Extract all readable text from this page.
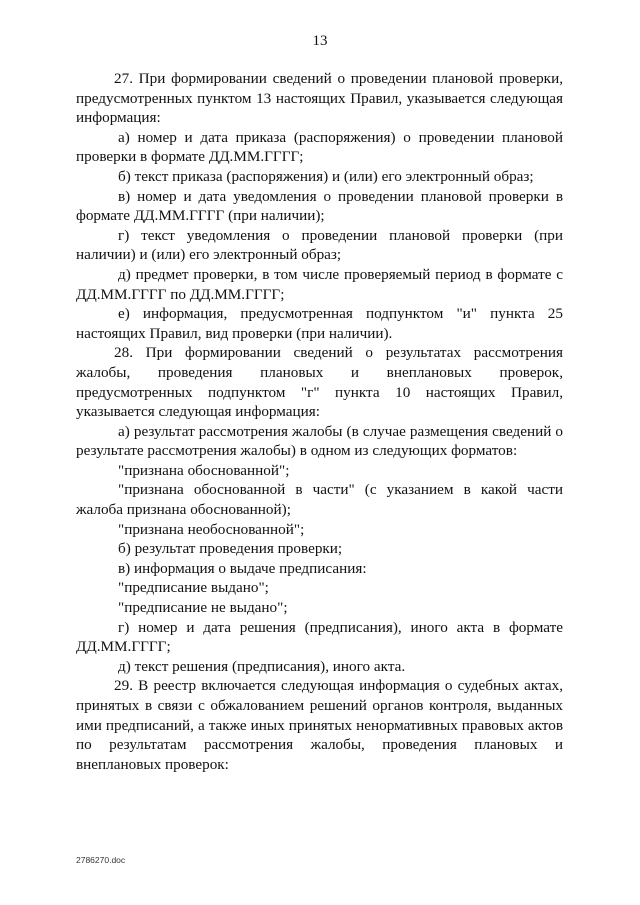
13

27. При формировании сведений о проведении плановой проверки, предусмотренных пунктом 13 настоящих Правил, указывается следующая информация:

а) номер и дата приказа (распоряжения) о проведении плановой проверки в формате ДД.ММ.ГГГГ;

б) текст приказа (распоряжения) и (или) его электронный образ;

в) номер и дата уведомления о проведении плановой проверки в формате ДД.ММ.ГГГГ (при наличии);

г) текст уведомления о проведении плановой проверки (при наличии) и (или) его электронный образ;

д) предмет проверки, в том числе проверяемый период в формате с ДД.ММ.ГГГГ по ДД.ММ.ГГГГ;

е) информация, предусмотренная подпунктом "и" пункта 25 настоящих Правил, вид проверки (при наличии).

28. При формировании сведений о результатах рассмотрения жалобы, проведения плановых и внеплановых проверок, предусмотренных подпунктом "г" пункта 10 настоящих Правил, указывается следующая информация:

а) результат рассмотрения жалобы (в случае размещения сведений о результате рассмотрения жалобы) в одном из следующих форматов:

"признана обоснованной";

"признана обоснованной в части" (с указанием в какой части жалоба признана обоснованной);

"признана необоснованной";

б) результат проведения проверки;

в) информация о выдаче предписания:

"предписание выдано";

"предписание не выдано";

г) номер и дата решения (предписания), иного акта в формате ДД.ММ.ГГГГ;

д) текст решения (предписания), иного акта.

29. В реестр включается следующая информация о судебных актах, принятых в связи с обжалованием решений органов контроля, выданных ими предписаний, а также иных принятых ненормативных правовых актов по результатам рассмотрения жалобы, проведения плановых и внеплановых проверок:

2786270.doc
